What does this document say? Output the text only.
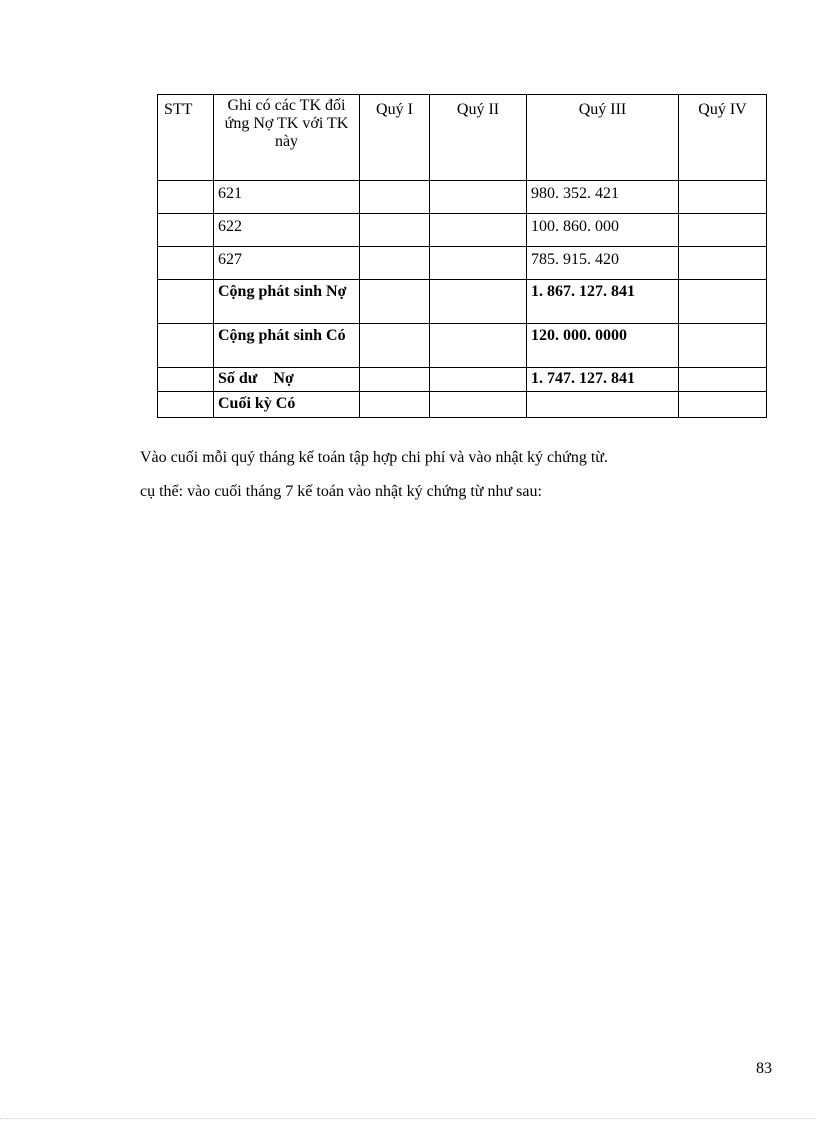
STT	Ghi có các TK đối ứng Nợ TK với TK này	Quý I	Quý II	Quý III	Quý IV
	621			980. 352. 421	
	622			100. 860. 000	
	627			785. 915. 420	
	Cộng phát sinh Nợ			1. 867. 127. 841	
	Cộng phát sinh Có			120. 000. 0000	
	Số dư    Nợ			1. 747. 127. 841	
	Cuối kỳ Có				
Vào cuối mỗi quý tháng kế toán tập hợp chi phí và vào nhật ký chứng từ.
cụ thể: vào cuối tháng 7 kế toán vào nhật ký chứng từ như sau:
83
